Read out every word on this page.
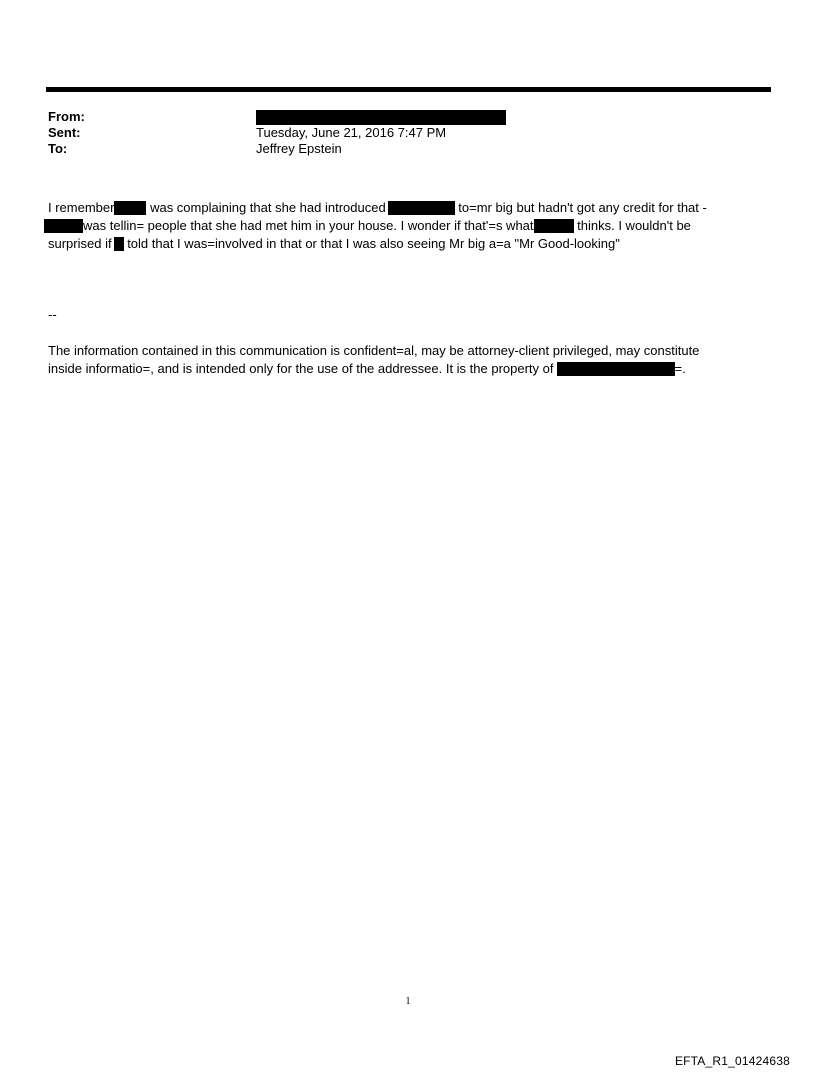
From:
Sent:	Tuesday, June 21, 2016 7:47 PM
To:	Jeffrey Epstein
I remember was complaining that she had introduced	to=mr big but hadn't got any credit for that -
was tellin= people that she had met him in your house. I wonder if that'=s what	thinks. I wouldn't be
surprised if told that I was=involved in that or that I was also seeing Mr big a=a "Mr Good-looking"
--
The information contained in this communication is confident=al, may be attorney-client privileged, may constitute
inside informatio=, and is intended only for the use of the addressee. It is the property of	=.
1
EFTA_R1_01424638
